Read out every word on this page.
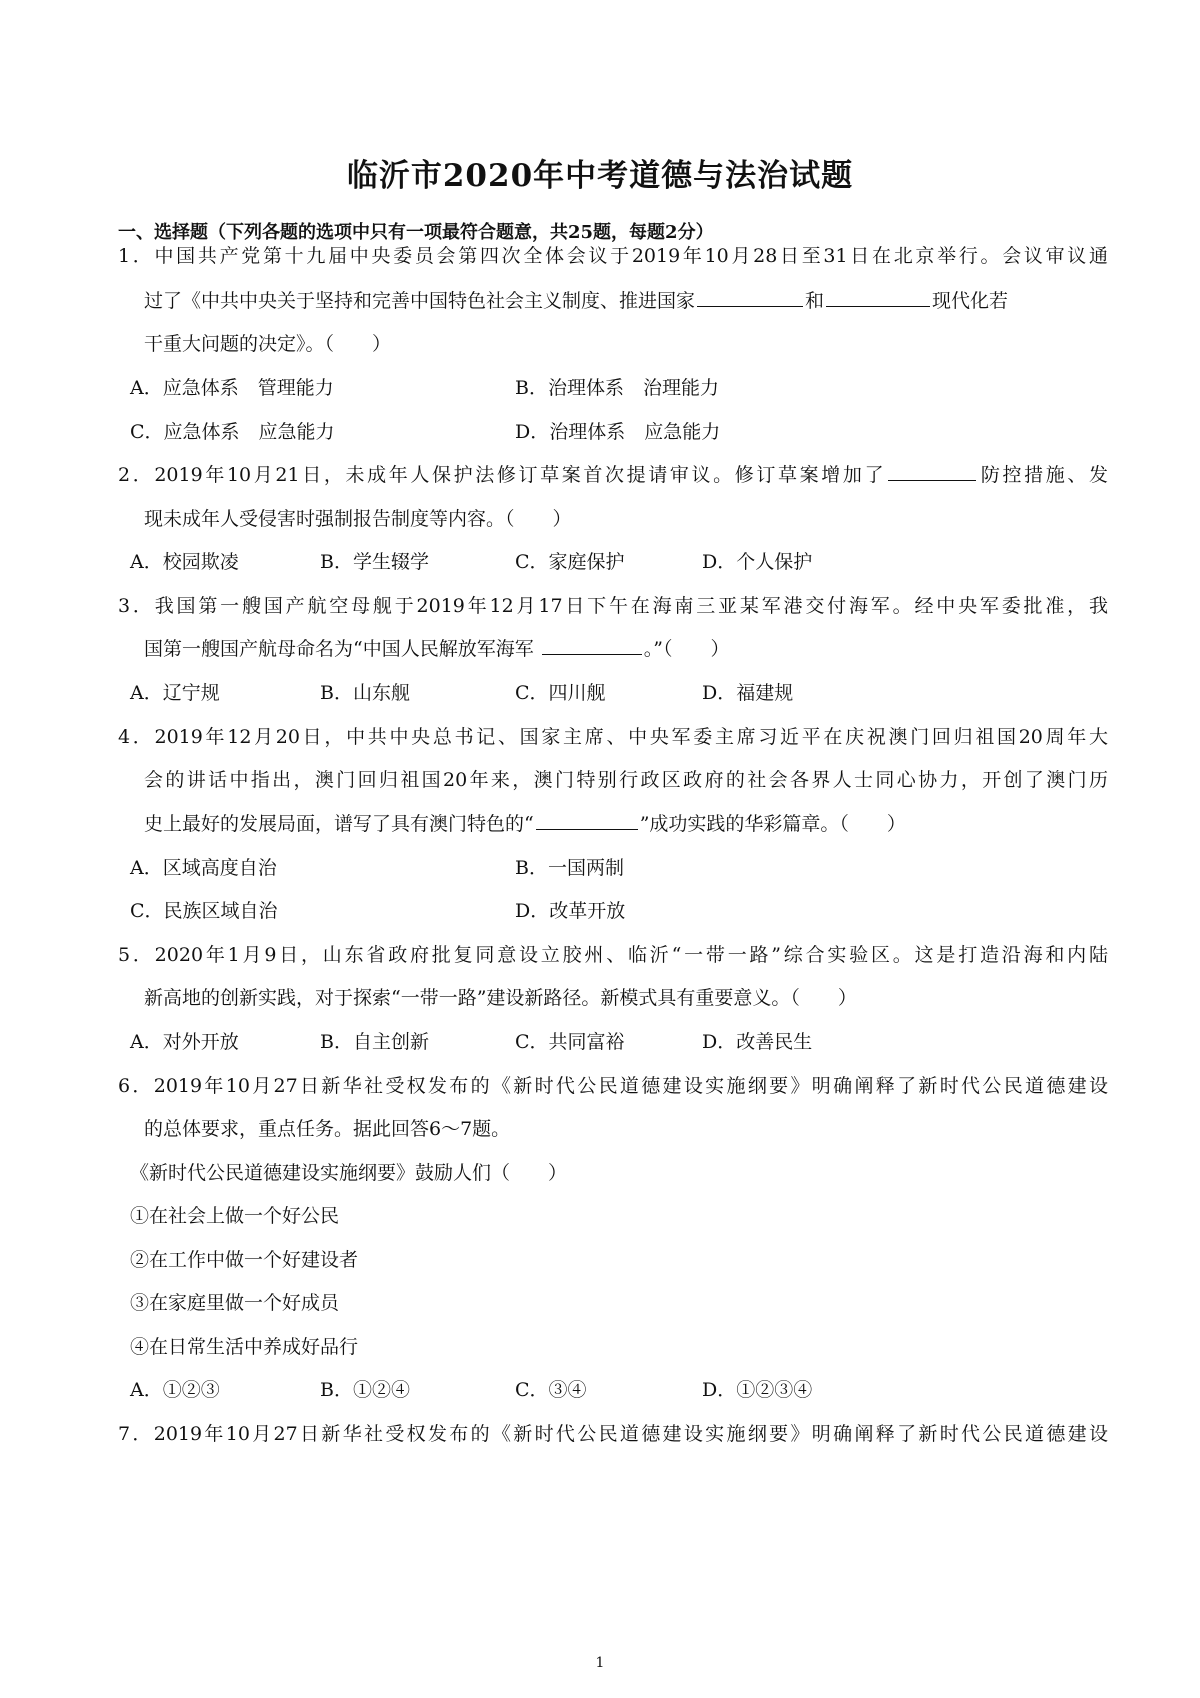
临沂市2020年中考道德与法治试题
一、选择题（下列各题的选项中只有一项最符合题意，共25题，每题2分）
1．中国共产党第十九届中央委员会第四次全体会议于2019年10月28日至31日在北京举行。会议审议通
过了《中共中央关于坚持和完善中国特色社会主义制度、推进国家	和	现代化若
干重大问题的决定》。（　　）
A．应急体系　管理能力	B．治理体系　治理能力
C．应急体系　应急能力	D．治理体系　应急能力
2．2019年10月21日，未成年人保护法修订草案首次提请审议。修订草案增加了	防控措施、发
现未成年人受侵害时强制报告制度等内容。（　　）
A．校园欺凌	B．学生辍学	C．家庭保护	D．个人保护
3．我国第一艘国产航空母舰于2019年12月17日下午在海南三亚某军港交付海军。经中央军委批准，我
国第一艘国产航母命名为“中国人民解放军海军	。”（　　）
A．辽宁规	B．山东舰	C．四川舰	D．福建规
4．2019年12月20日，中共中央总书记、国家主席、中央军委主席习近平在庆祝澳门回归祖国20周年大
会的讲话中指出，澳门回归祖国20年来，澳门特别行政区政府的社会各界人士同心协力，开创了澳门历
史上最好的发展局面，谱写了具有澳门特色的“	”成功实践的华彩篇章。（　　）
A．区域高度自治	B．一国两制
C．民族区域自治	D．改革开放
5．2020年1月9日，山东省政府批复同意设立胶州、临沂“一带一路”综合实验区。这是打造沿海和内陆
新高地的创新实践，对于探索“一带一路”建设新路径。新模式具有重要意义。（　　）
A．对外开放	B．自主创新	C．共同富裕	D．改善民生
6．2019年10月27日新华社受权发布的《新时代公民道德建设实施纲要》明确阐释了新时代公民道德建设
的总体要求，重点任务。据此回答6～7题。
《新时代公民道德建设实施纲要》鼓励人们（　　）
①在社会上做一个好公民
②在工作中做一个好建设者
③在家庭里做一个好成员
④在日常生活中养成好品行
A．①②③	B．①②④	C．③④	D．①②③④
7．2019年10月27日新华社受权发布的《新时代公民道德建设实施纲要》明确阐释了新时代公民道德建设
1
